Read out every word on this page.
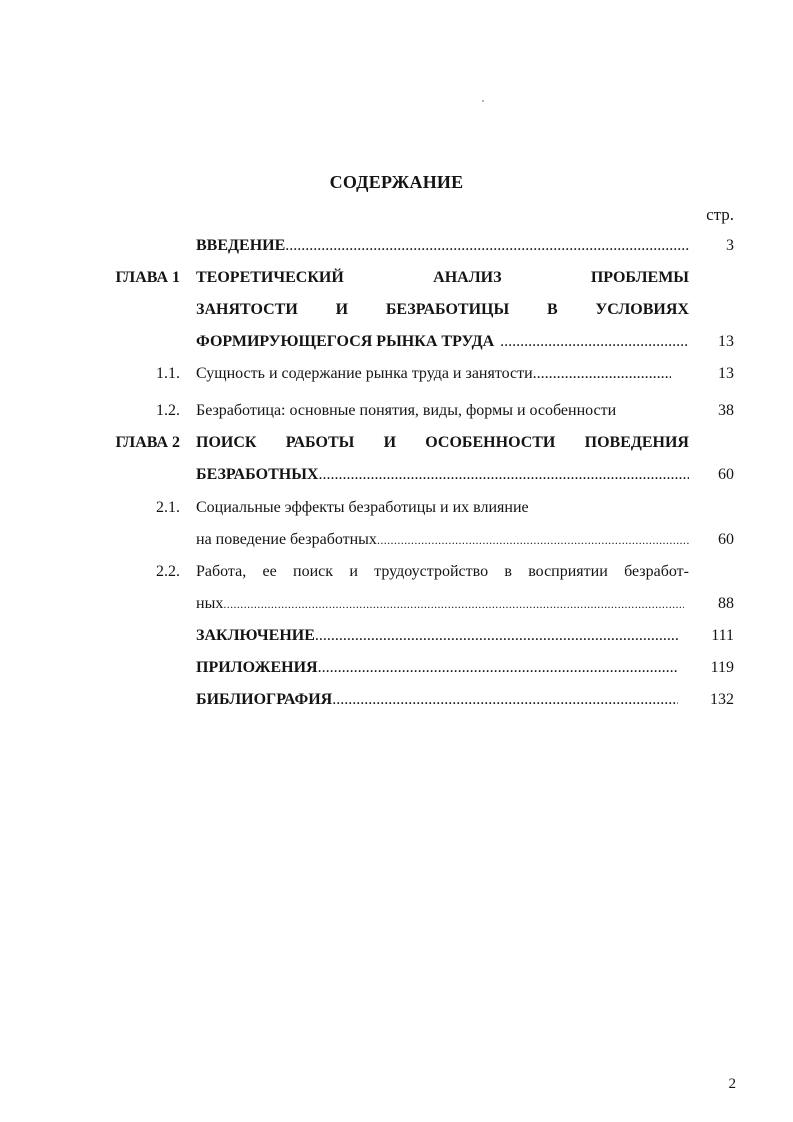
СОДЕРЖАНИЕ
стр.
ВВЕДЕНИЕ .....	3
ГЛАВА 1 ТЕОРЕТИЧЕСКИЙ	АНАЛИЗ	ПРОБЛЕМЫ
ЗАНЯТОСТИ И БЕЗРАБОТИЦЫ В УСЛОВИЯХ
ФОРМИРУЮЩЕГОСЯ РЫНКА ТРУДА .....	13
1.1. Сущность и содержание рынка труда и занятости .....	13
1.2. Безработица: основные понятия, виды, формы и особенности	38
ГЛАВА 2 ПОИСК РАБОТЫ И ОСОБЕННОСТИ ПОВЕДЕНИЯ
БЕЗРАБОТНЫХ .....	60
2.1. Социальные эффекты безработицы и их влияние
на поведение безработных .....	60
2.2. Работа, ее поиск и трудоустройство в восприятии безработ-
ных .....	88
ЗАКЛЮЧЕНИЕ .....	111
ПРИЛОЖЕНИЯ .....	119
БИБЛИОГРАФИЯ .....	132
2
